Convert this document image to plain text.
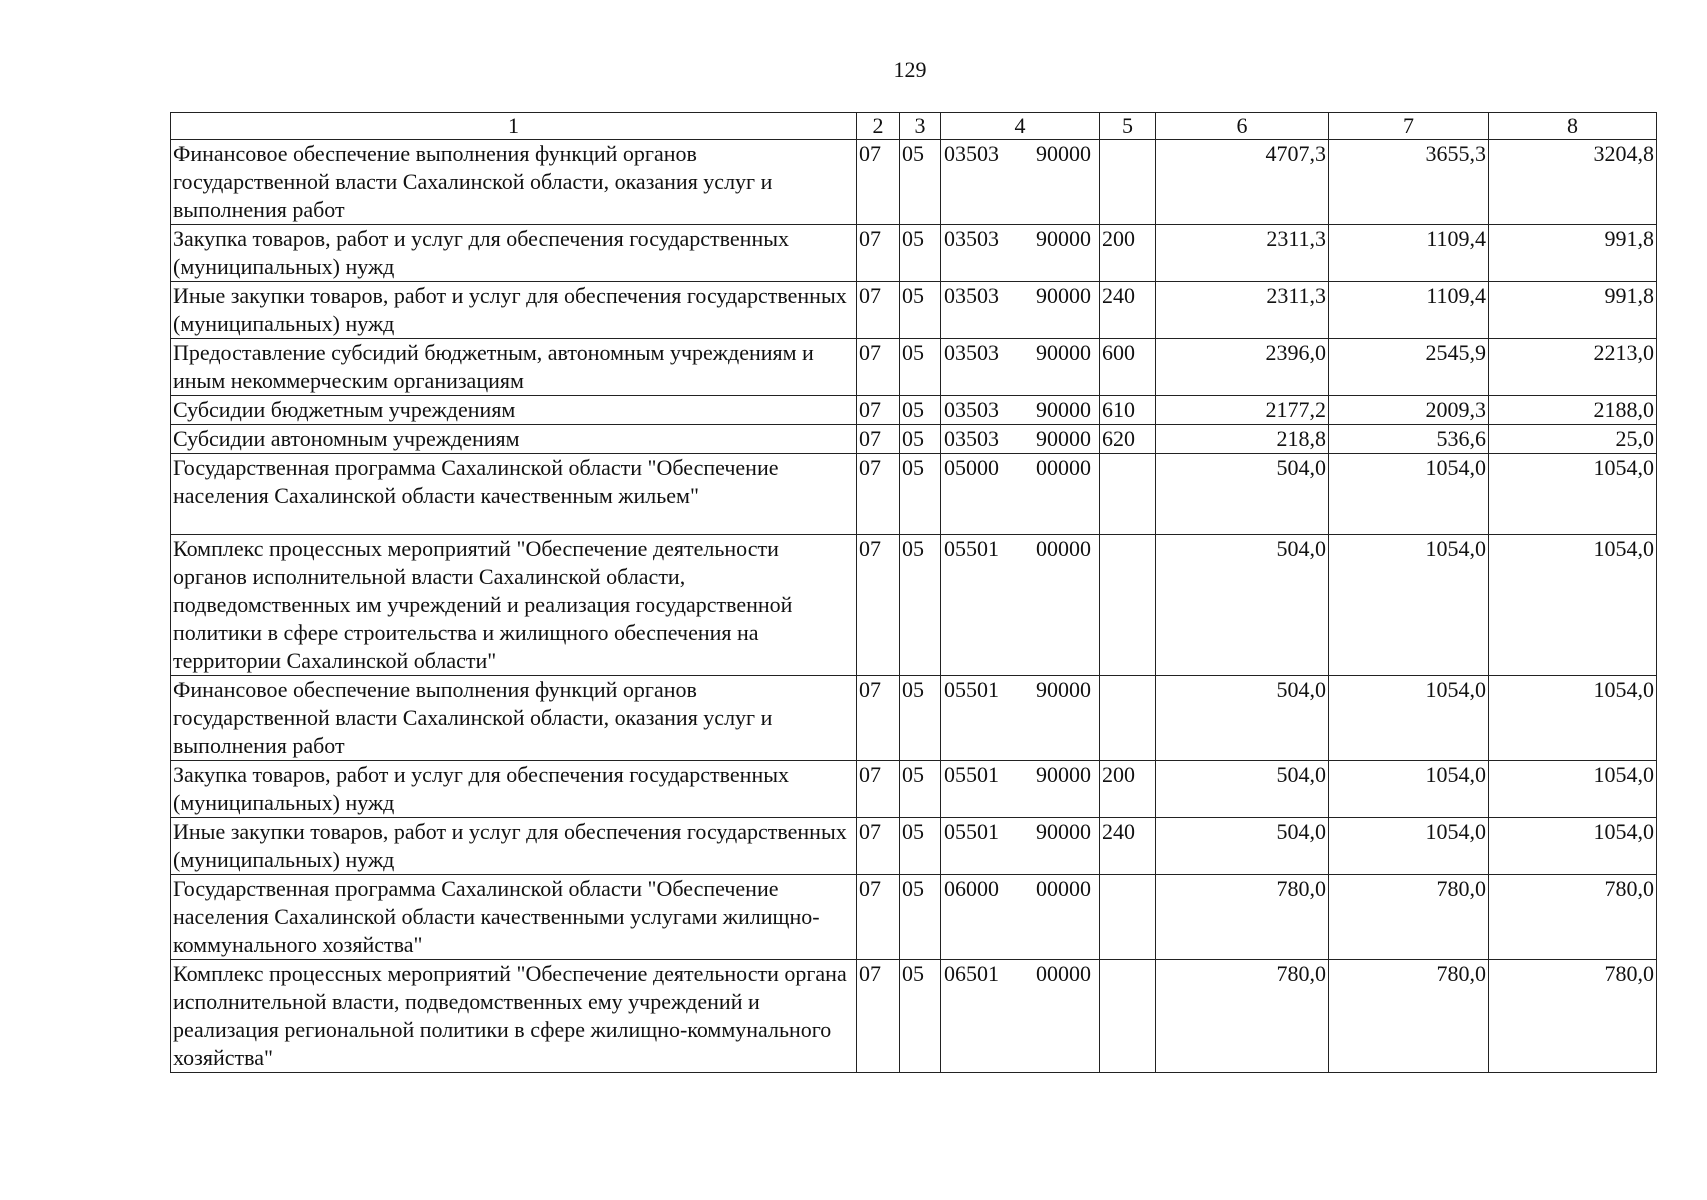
129
1	2	3	4	5	6	7	8
Финансовое обеспечение выполнения функций органов государственной власти Сахалинской области, оказания услуг и выполнения работ	07	05	03503 90000		4707,3	3655,3	3204,8
Закупка товаров, работ и услуг для обеспечения государственных (муниципальных) нужд	07	05	03503 90000	200	2311,3	1109,4	991,8
Иные закупки товаров, работ и услуг для обеспечения государственных (муниципальных) нужд	07	05	03503 90000	240	2311,3	1109,4	991,8
Предоставление субсидий бюджетным, автономным учреждениям и иным некоммерческим организациям	07	05	03503 90000	600	2396,0	2545,9	2213,0
Субсидии бюджетным учреждениям	07	05	03503 90000	610	2177,2	2009,3	2188,0
Субсидии автономным учреждениям	07	05	03503 90000	620	218,8	536,6	25,0
Государственная программа Сахалинской области "Обеспечение населения Сахалинской области качественным жильем"	07	05	05000 00000		504,0	1054,0	1054,0
Комплекс процессных мероприятий "Обеспечение деятельности органов исполнительной власти Сахалинской области, подведомственных им учреждений и реализация государственной политики в сфере строительства и жилищного обеспечения на территории Сахалинской области"	07	05	05501 00000		504,0	1054,0	1054,0
Финансовое обеспечение выполнения функций органов государственной власти Сахалинской области, оказания услуг и выполнения работ	07	05	05501 90000		504,0	1054,0	1054,0
Закупка товаров, работ и услуг для обеспечения государственных (муниципальных) нужд	07	05	05501 90000	200	504,0	1054,0	1054,0
Иные закупки товаров, работ и услуг для обеспечения государственных (муниципальных) нужд	07	05	05501 90000	240	504,0	1054,0	1054,0
Государственная программа Сахалинской области "Обеспечение населения Сахалинской области качественными услугами жилищно-коммунального хозяйства"	07	05	06000 00000		780,0	780,0	780,0
Комплекс процессных мероприятий "Обеспечение деятельности органа исполнительной власти, подведомственных ему учреждений и реализация региональной политики в сфере жилищно-коммунального хозяйства"	07	05	06501 00000		780,0	780,0	780,0
